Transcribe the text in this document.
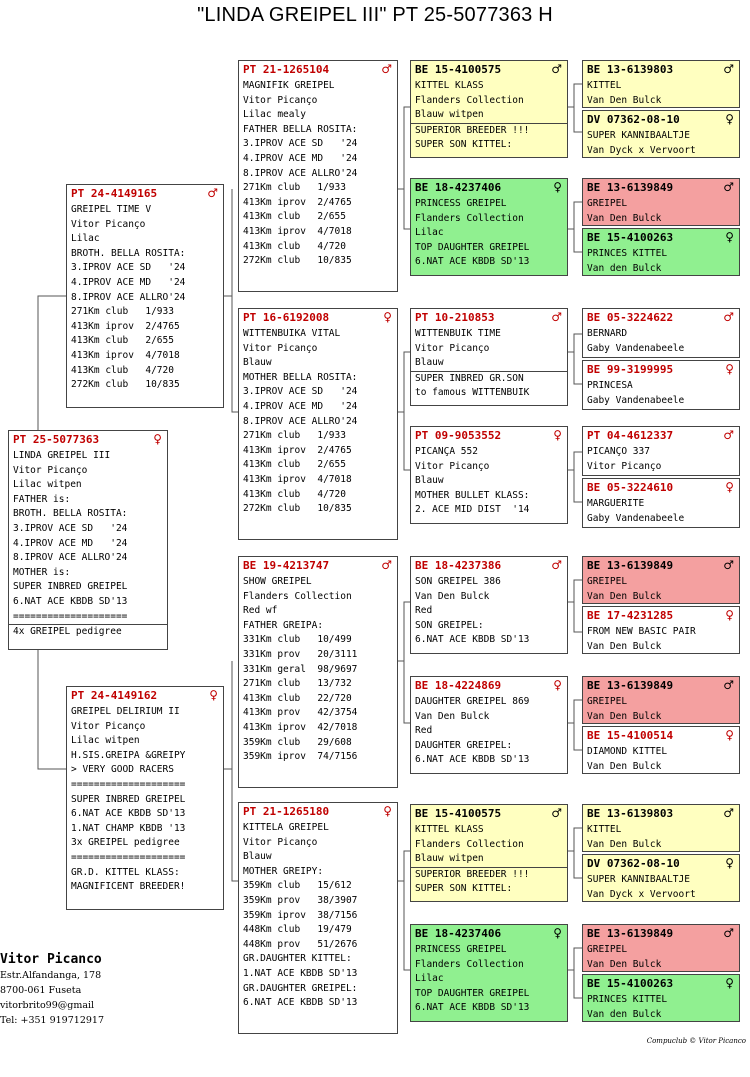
"LINDA GREIPEL III" PT 25-5077363 H
PT 25-5077363	♀
LINDA GREIPEL III
Vitor Picanço
Lilac witpen
FATHER is:
BROTH. BELLA ROSITA:
3.IPROV ACE SD   '24
4.IPROV ACE MD   '24
8.IPROV ACE ALLRO'24
MOTHER is:
SUPER INBRED GREIPEL
6.NAT ACE KBDB SD'13
====================
4x GREIPEL pedigree
PT 24-4149165	♂
GREIPEL TIME V
Vitor Picanço
Lilac
BROTH. BELLA ROSITA:
3.IPROV ACE SD   '24
4.IPROV ACE MD   '24
8.IPROV ACE ALLRO'24
271Km club   1/933
413Km iprov  2/4765
413Km club   2/655
413Km iprov  4/7018
413Km club   4/720
272Km club   10/835
PT 24-4149162	♀
GREIPEL DELIRIUM II
Vitor Picanço
Lilac witpen
H.SIS.GREIPA &GREIPY
> VERY GOOD RACERS
====================
SUPER INBRED GREIPEL
6.NAT ACE KBDB SD'13
1.NAT CHAMP KBDB '13
3x GREIPEL pedigree
====================
GR.D. KITTEL KLASS:
MAGNIFICENT BREEDER!
PT 21-1265104	♂
MAGNIFIK GREIPEL
Vitor Picanço
Lilac mealy
FATHER BELLA ROSITA:
3.IPROV ACE SD   '24
4.IPROV ACE MD   '24
8.IPROV ACE ALLRO'24
271Km club   1/933
413Km iprov  2/4765
413Km club   2/655
413Km iprov  4/7018
413Km club   4/720
272Km club   10/835
PT 16-6192008	♀
WITTENBUIKA VITAL
Vitor Picanço
Blauw
MOTHER BELLA ROSITA:
3.IPROV ACE SD   '24
4.IPROV ACE MD   '24
8.IPROV ACE ALLRO'24
271Km club   1/933
413Km iprov  2/4765
413Km club   2/655
413Km iprov  4/7018
413Km club   4/720
272Km club   10/835
BE 19-4213747	♂
SHOW GREIPEL
Flanders Collection
Red wf
FATHER GREIPA:
331Km club   10/499
331Km prov   20/3111
331Km geral  98/9697
271Km club   13/732
413Km club   22/720
413Km prov   42/3754
413Km iprov  42/7018
359Km club   29/608
359Km iprov  74/7156
PT 21-1265180	♀
KITTELA GREIPEL
Vitor Picanço
Blauw
MOTHER GREIPY:
359Km club   15/612
359Km prov   38/3907
359Km iprov  38/7156
448Km club   19/479
448Km prov   51/2676
GR.DAUGHTER KITTEL:
1.NAT ACE KBDB SD'13
GR.DAUGHTER GREIPEL:
6.NAT ACE KBDB SD'13
BE 15-4100575	♂
KITTEL KLASS
Flanders Collection
Blauw witpen
SUPERIOR BREEDER !!!
SUPER SON KITTEL:
BE 18-4237406	♀
PRINCESS GREIPEL
Flanders Collection
Lilac
TOP DAUGHTER GREIPEL
6.NAT ACE KBDB SD'13
PT 10-210853	♂
WITTENBUIK TIME
Vitor Picanço
Blauw
SUPER INBRED GR.SON
to famous WITTENBUIK
PT 09-9053552	♀
PICANÇA 552
Vitor Picanço
Blauw
MOTHER BULLET KLASS:
2. ACE MID DIST  '14
BE 18-4237386	♂
SON GREIPEL 386
Van Den Bulck
Red
SON GREIPEL:
6.NAT ACE KBDB SD'13
BE 18-4224869	♀
DAUGHTER GREIPEL 869
Van Den Bulck
Red
DAUGHTER GREIPEL:
6.NAT ACE KBDB SD'13
BE 15-4100575	♂
KITTEL KLASS
Flanders Collection
Blauw witpen
SUPERIOR BREEDER !!!
SUPER SON KITTEL:
BE 18-4237406	♀
PRINCESS GREIPEL
Flanders Collection
Lilac
TOP DAUGHTER GREIPEL
6.NAT ACE KBDB SD'13
BE 13-6139803	♂
KITTEL
Van Den Bulck
DV 07362-08-10	♀
SUPER KANNIBAALTJE
Van Dyck x Vervoort
BE 13-6139849	♂
GREIPEL
Van Den Bulck
BE 15-4100263	♀
PRINCES KITTEL
Van den Bulck
BE 05-3224622	♂
BERNARD
Gaby Vandenabeele
BE 99-3199995	♀
PRINCESA
Gaby Vandenabeele
PT 04-4612337	♂
PICANÇO 337
Vitor Picanço
BE 05-3224610	♀
MARGUERITE
Gaby Vandenabeele
BE 13-6139849	♂
GREIPEL
Van Den Bulck
BE 17-4231285	♀
FROM NEW BASIC PAIR
Van Den Bulck
BE 13-6139849	♂
GREIPEL
Van Den Bulck
BE 15-4100514	♀
DIAMOND KITTEL
Van Den Bulck
BE 13-6139803	♂
KITTEL
Van Den Bulck
DV 07362-08-10	♀
SUPER KANNIBAALTJE
Van Dyck x Vervoort
BE 13-6139849	♂
GREIPEL
Van Den Bulck
BE 15-4100263	♀
PRINCES KITTEL
Van den Bulck
Vitor Picanco
Estr.Alfandanga, 178
8700-061 Fuseta
vitorbrito99@gmail
Tel: +351 919712917
Compuclub © Vitor Picanco
